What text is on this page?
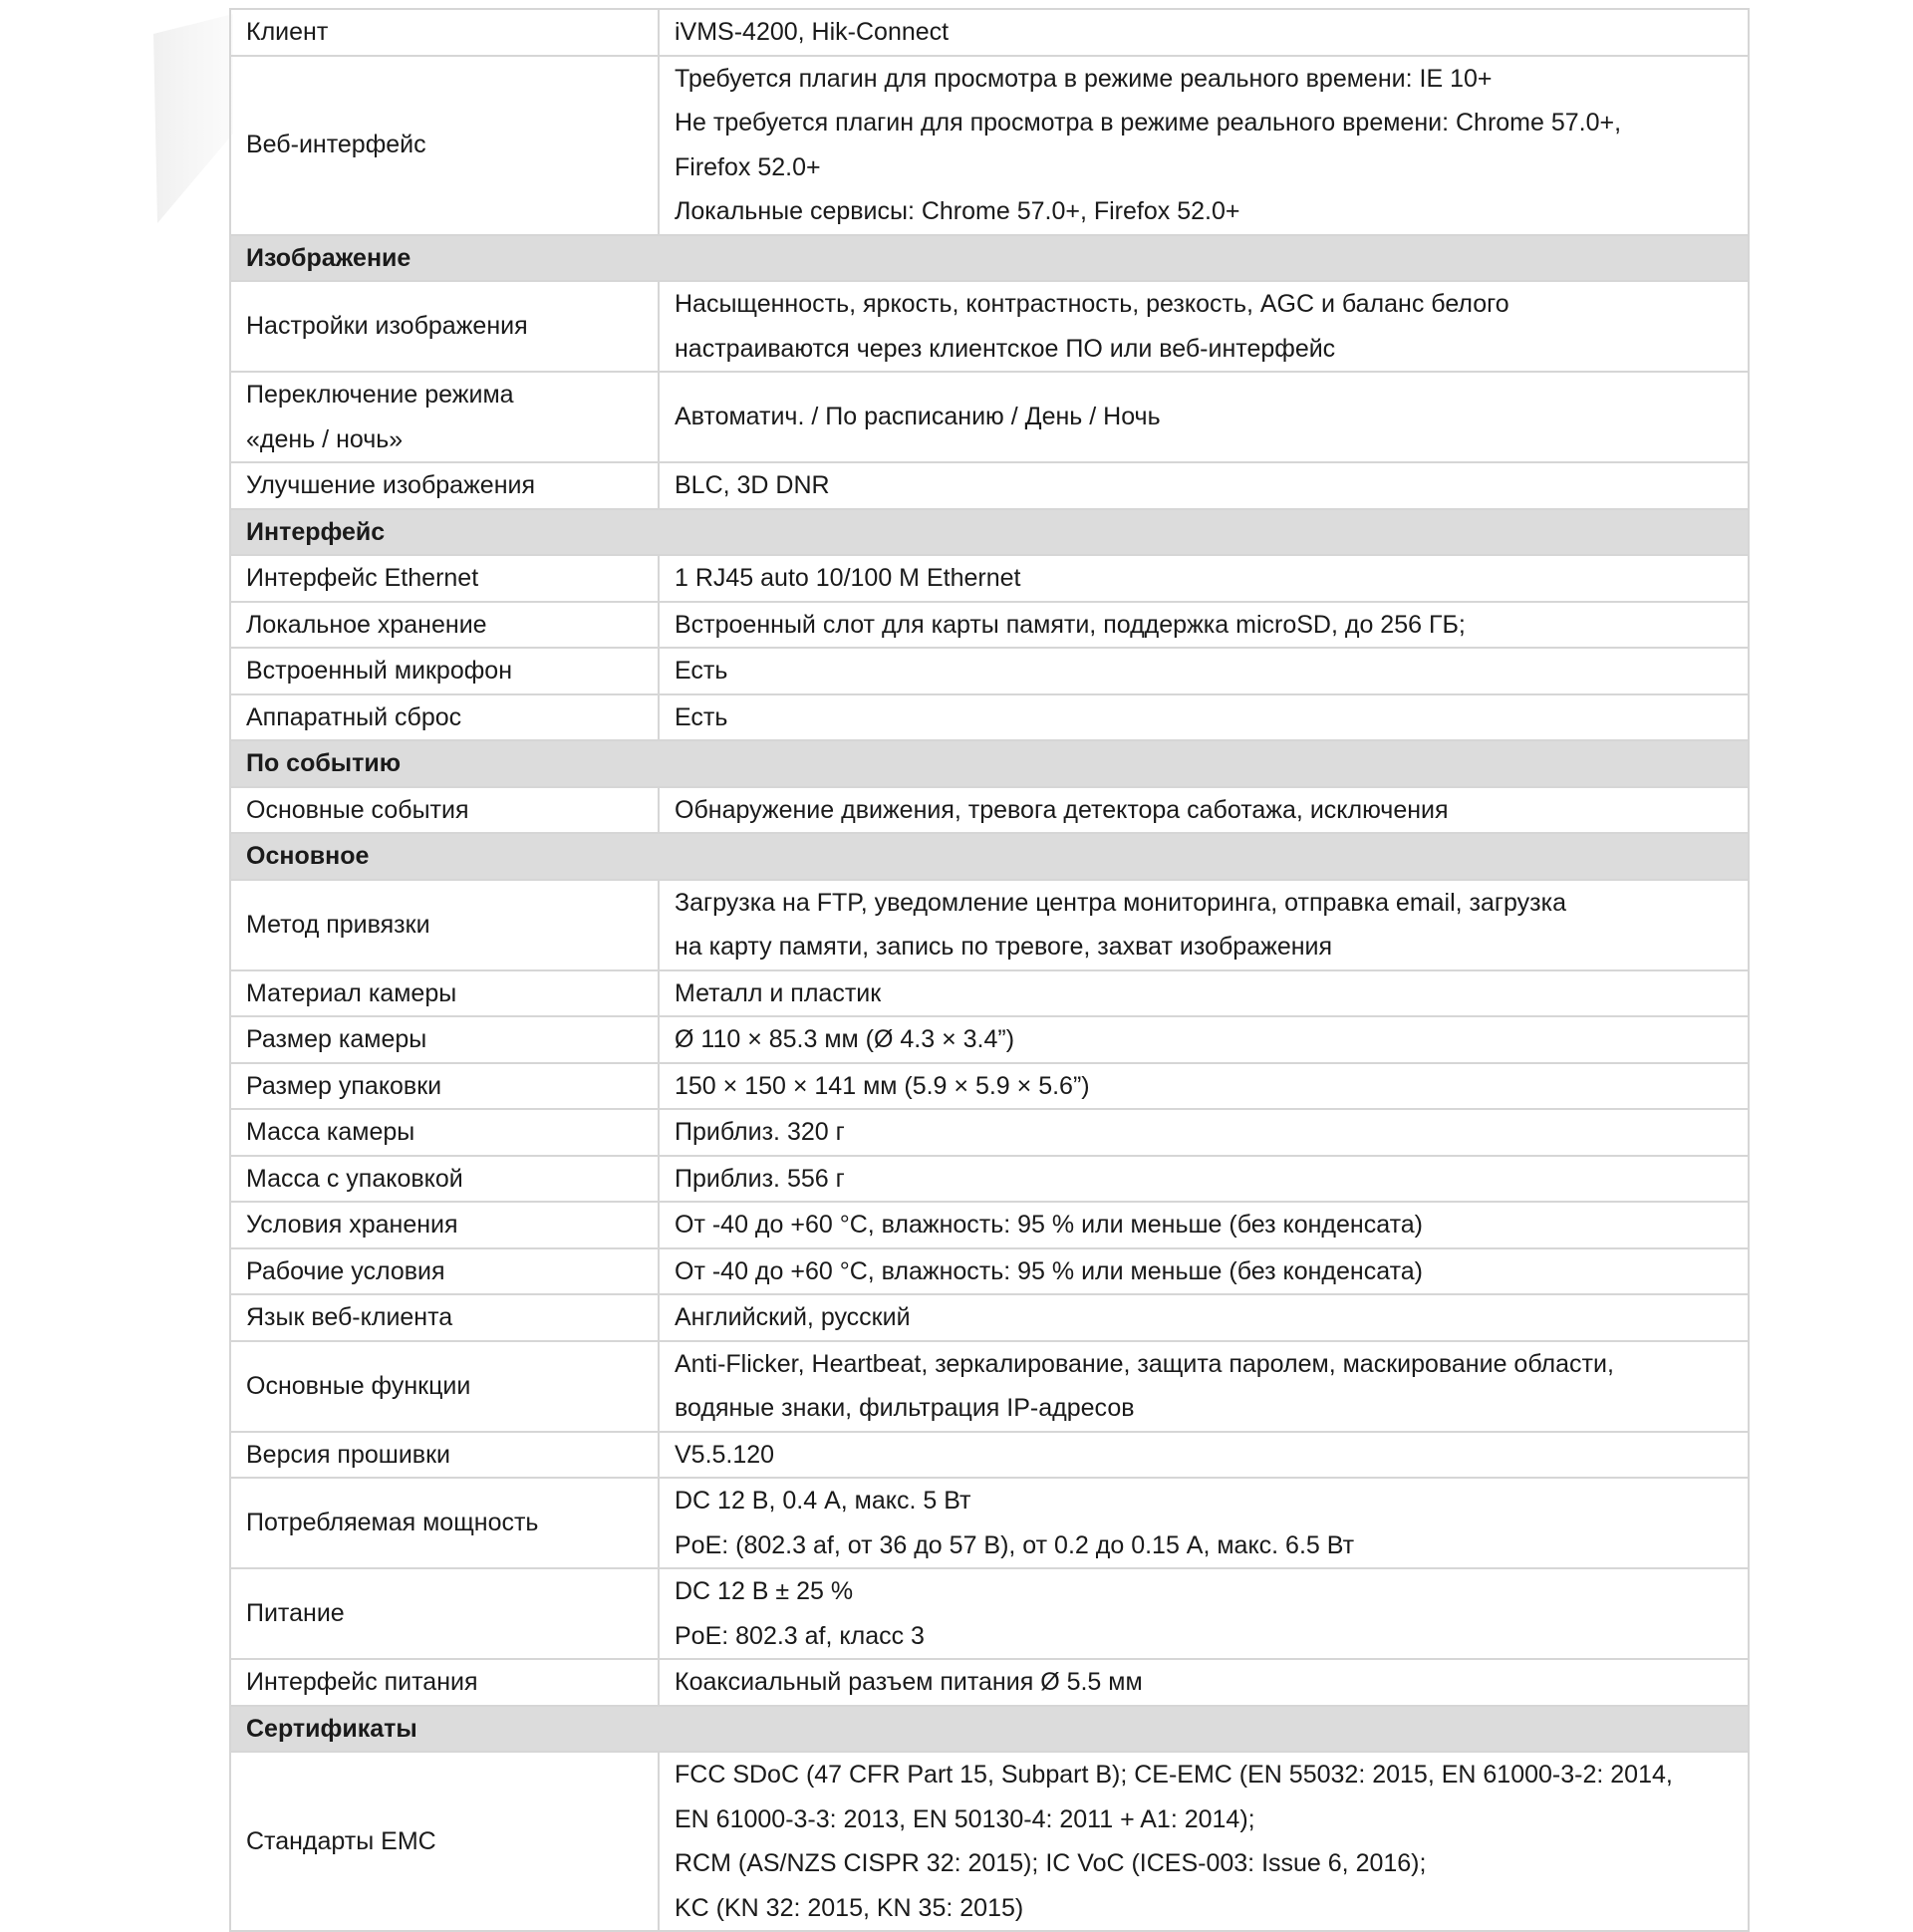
Клиент	iVMS-4200, Hik-Connect

Веб-интерфейс	Требуется плагин для просмотра в режиме реального времени: IE 10+
Не требуется плагин для просмотра в режиме реального времени: Chrome 57.0+,
Firefox 52.0+
Локальные сервисы: Chrome 57.0+, Firefox 52.0+

Изображение	

Настройки изображения	Насыщенность, яркость, контрастность, резкость, AGC и баланс белого
настраиваются через клиентское ПО или веб-интерфейс

Переключение режима
«день / ночь»	Автоматич. / По расписанию / День / Ночь

Улучшение изображения	BLC, 3D DNR

Интерфейс	

Интерфейс Ethernet	1 RJ45 auto 10/100 M Ethernet

Локальное хранение	Встроенный слот для карты памяти, поддержка microSD, до 256 ГБ;

Встроенный микрофон	Есть

Аппаратный сброс	Есть

По событию	

Основные события	Обнаружение движения, тревога детектора саботажа, исключения

Основное	

Метод привязки	Загрузка на FTP, уведомление центра мониторинга, отправка email, загрузка
на карту памяти, запись по тревоге, захват изображения

Материал камеры	Металл и пластик

Размер камеры	Ø 110 × 85.3 мм (Ø 4.3 × 3.4”)

Размер упаковки	150 × 150 × 141 мм (5.9 × 5.9 × 5.6”)

Масса камеры	Приблиз. 320 г

Масса с упаковкой	Приблиз. 556 г

Условия хранения	От -40 до +60 °C, влажность: 95 % или меньше (без конденсата)

Рабочие условия	От -40 до +60 °C, влажность: 95 % или меньше (без конденсата)

Язык веб-клиента	Английский, русский

Основные функции	Anti-Flicker, Heartbeat, зеркалирование, защита паролем, маскирование области,
водяные знаки, фильтрация IP-адресов

Версия прошивки	V5.5.120

Потребляемая мощность	DC 12 В, 0.4 А, макс. 5 Вт
PoE: (802.3 af, от 36 до 57 В), от 0.2 до 0.15 А, макс. 6.5 Вт

Питание	DC 12 В ± 25 %
PoE: 802.3 af, класс 3

Интерфейс питания	Коаксиальный разъем питания Ø 5.5 мм

Сертификаты	

Стандарты ЕМС	FCC SDoC (47 CFR Part 15, Subpart B); CE-EMC (EN 55032: 2015, EN 61000-3-2: 2014,
EN 61000-3-3: 2013, EN 50130-4: 2011 + A1: 2014);
RCM (AS/NZS CISPR 32: 2015); IC VoC (ICES-003: Issue 6, 2016);
KC (KN 32: 2015, KN 35: 2015)
